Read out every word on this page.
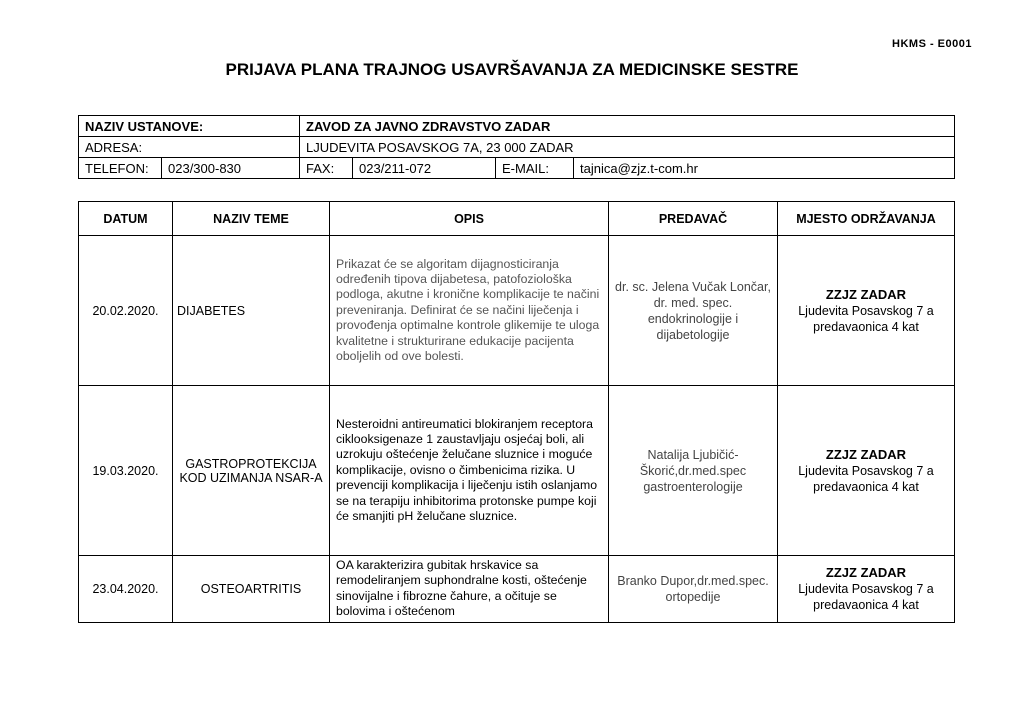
HKMS - E0001
PRIJAVA PLANA TRAJNOG USAVRŠAVANJA ZA MEDICINSKE SESTRE
NAZIV USTANOVE:		ZAVOD ZA JAVNO ZDRAVSTVO ZADAR			
ADRESA:		LJUDEVITA POSAVSKOG 7A, 23 000 ZADAR			
TELEFON:	023/300-830	FAX:	023/211-072	E-MAIL:	tajnica@zjz.t-com.hr
DATUM	NAZIV TEME	OPIS	PREDAVAČ	MJESTO ODRŽAVANJA
20.02.2020.	DIJABETES	Prikazat će se algoritam dijagnosticiranja određenih tipova dijabetesa, patofoziološka podloga, akutne i kronične komplikacije te načini preveniranja. Definirat će se načini liječenja i provođenja optimalne kontrole glikemije te uloga kvalitetne i strukturirane edukacije pacijenta oboljelih od ove bolesti.	dr. sc. Jelena Vučak Lončar, dr. med. spec. endokrinologije i dijabetologije	ZZJZ ZADAR
Ljudevita Posavskog 7 a predavaonica 4 kat
19.03.2020.	GASTROPROTEKCIJA KOD UZIMANJA NSAR-A	Nesteroidni antireumatici blokiranjem receptora ciklooksigenaze 1 zaustavljaju osjećaj boli, ali uzrokuju oštećenje želučane sluznice i moguće komplikacije, ovisno o čimbenicima rizika. U prevenciji komplikacija i liječenju istih oslanjamo se na terapiju inhibitorima protonske pumpe koji će smanjiti pH želučane sluznice.	Natalija Ljubičić-Škorić,dr.med.spec gastroenterologije	ZZJZ ZADAR
Ljudevita Posavskog 7 a predavaonica 4 kat
23.04.2020.	OSTEOARTRITIS	OA karakterizira gubitak hrskavice sa remodeliranjem suphondralne kosti, oštećenje sinovijalne i fibrozne čahure, a očituje se bolovima i oštećenom	Branko Dupor,dr.med.spec. ortopedije	ZZJZ ZADAR
Ljudevita Posavskog 7 a predavaonica 4 kat
